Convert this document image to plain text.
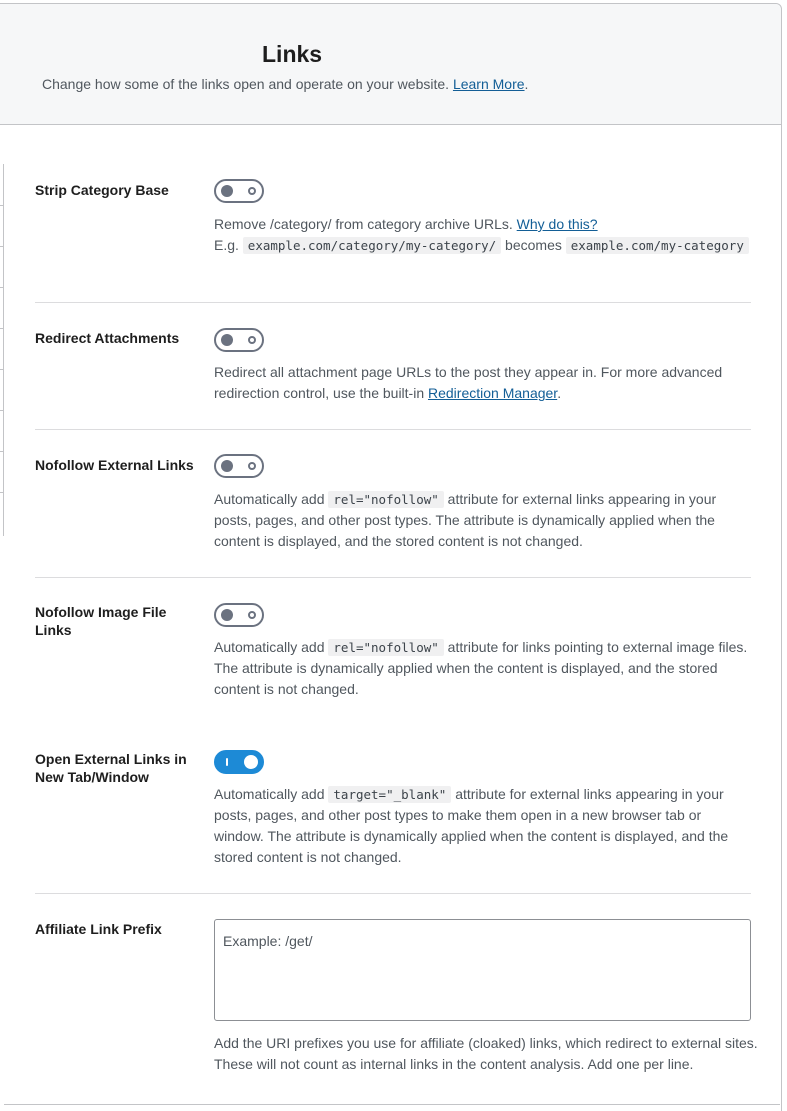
Links
Change how some of the links open and operate on your website. Learn More.
Strip Category Base
Remove /category/ from category archive URLs. Why do this?
E.g. example.com/category/my-category/ becomes example.com/my-category
Redirect Attachments
Redirect all attachment page URLs to the post they appear in. For more advanced redirection control, use the built-in Redirection Manager.
Nofollow External Links
Automatically add rel="nofollow" attribute for external links appearing in your posts, pages, and other post types. The attribute is dynamically applied when the content is displayed, and the stored content is not changed.
Nofollow Image File Links
Automatically add rel="nofollow" attribute for links pointing to external image files. The attribute is dynamically applied when the content is displayed, and the stored content is not changed.
Open External Links in New Tab/Window
Automatically add target="_blank" attribute for external links appearing in your posts, pages, and other post types to make them open in a new browser tab or window. The attribute is dynamically applied when the content is displayed, and the stored content is not changed.
Affiliate Link Prefix
Example: /get/
Add the URI prefixes you use for affiliate (cloaked) links, which redirect to external sites. These will not count as internal links in the content analysis. Add one per line.
